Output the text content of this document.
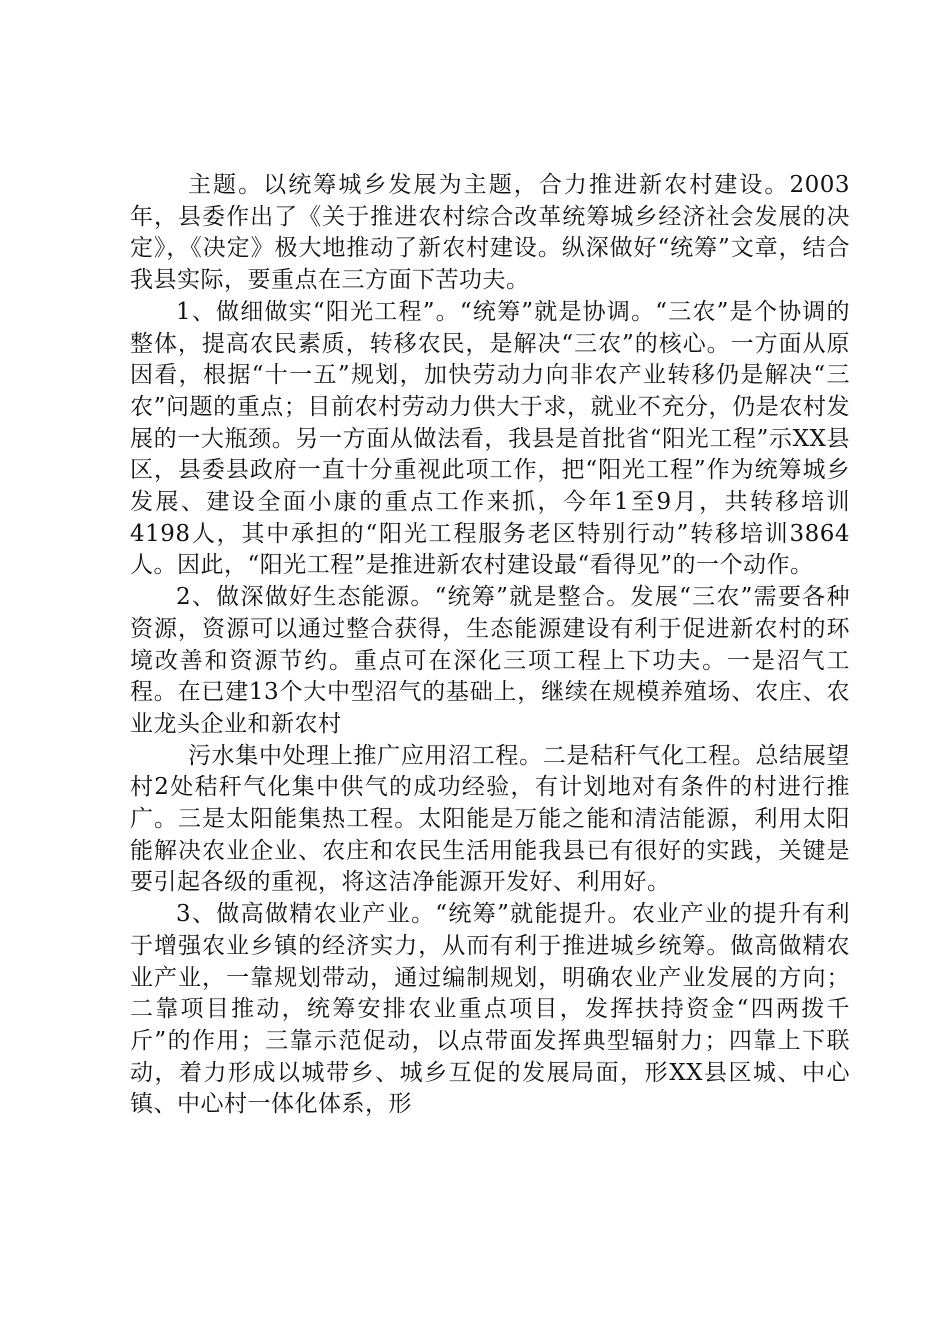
主题。以统筹城乡发展为主题，合力推进新农村建设。2003年，县委作出了《关于推进农村综合改革统筹城乡经济社会发展的决定》，《决定》极大地推动了新农村建设。纵深做好“统筹”文章，结合我县实际，要重点在三方面下苦功夫。

1、做细做实“阳光工程”。“统筹”就是协调。“三农”是个协调的整体，提高农民素质，转移农民，是解决“三农”的核心。一方面从原因看，根据“十一五”规划，加快劳动力向非农产业转移仍是解决“三农”问题的重点；目前农村劳动力供大于求，就业不充分，仍是农村发展的一大瓶颈。另一方面从做法看，我县是首批省“阳光工程”示XX县区，县委县政府一直十分重视此项工作，把“阳光工程”作为统筹城乡发展、建设全面小康的重点工作来抓，今年1至9月，共转移培训4198人，其中承担的“阳光工程服务老区特别行动”转移培训3864人。因此，“阳光工程”是推进新农村建设最“看得见”的一个动作。

2、做深做好生态能源。“统筹”就是整合。发展“三农”需要各种资源，资源可以通过整合获得，生态能源建设有利于促进新农村的环境改善和资源节约。重点可在深化三项工程上下功夫。一是沼气工程。在已建13个大中型沼气的基础上，继续在规模养殖场、农庄、农业龙头企业和新农村

污水集中处理上推广应用沼工程。二是秸秆气化工程。总结展望村2处秸秆气化集中供气的成功经验，有计划地对有条件的村进行推广。三是太阳能集热工程。太阳能是万能之能和清洁能源，利用太阳能解决农业企业、农庄和农民生活用能我县已有很好的实践，关键是要引起各级的重视，将这洁净能源开发好、利用好。

3、做高做精农业产业。“统筹”就能提升。农业产业的提升有利于增强农业乡镇的经济实力，从而有利于推进城乡统筹。做高做精农业产业，一靠规划带动，通过编制规划，明确农业产业发展的方向；二靠项目推动，统筹安排农业重点项目，发挥扶持资金“四两拨千斤”的作用；三靠示范促动，以点带面发挥典型辐射力；四靠上下联动，着力形成以城带乡、城乡互促的发展局面，形XX县区城、中心镇、中心村一体化体系，形
